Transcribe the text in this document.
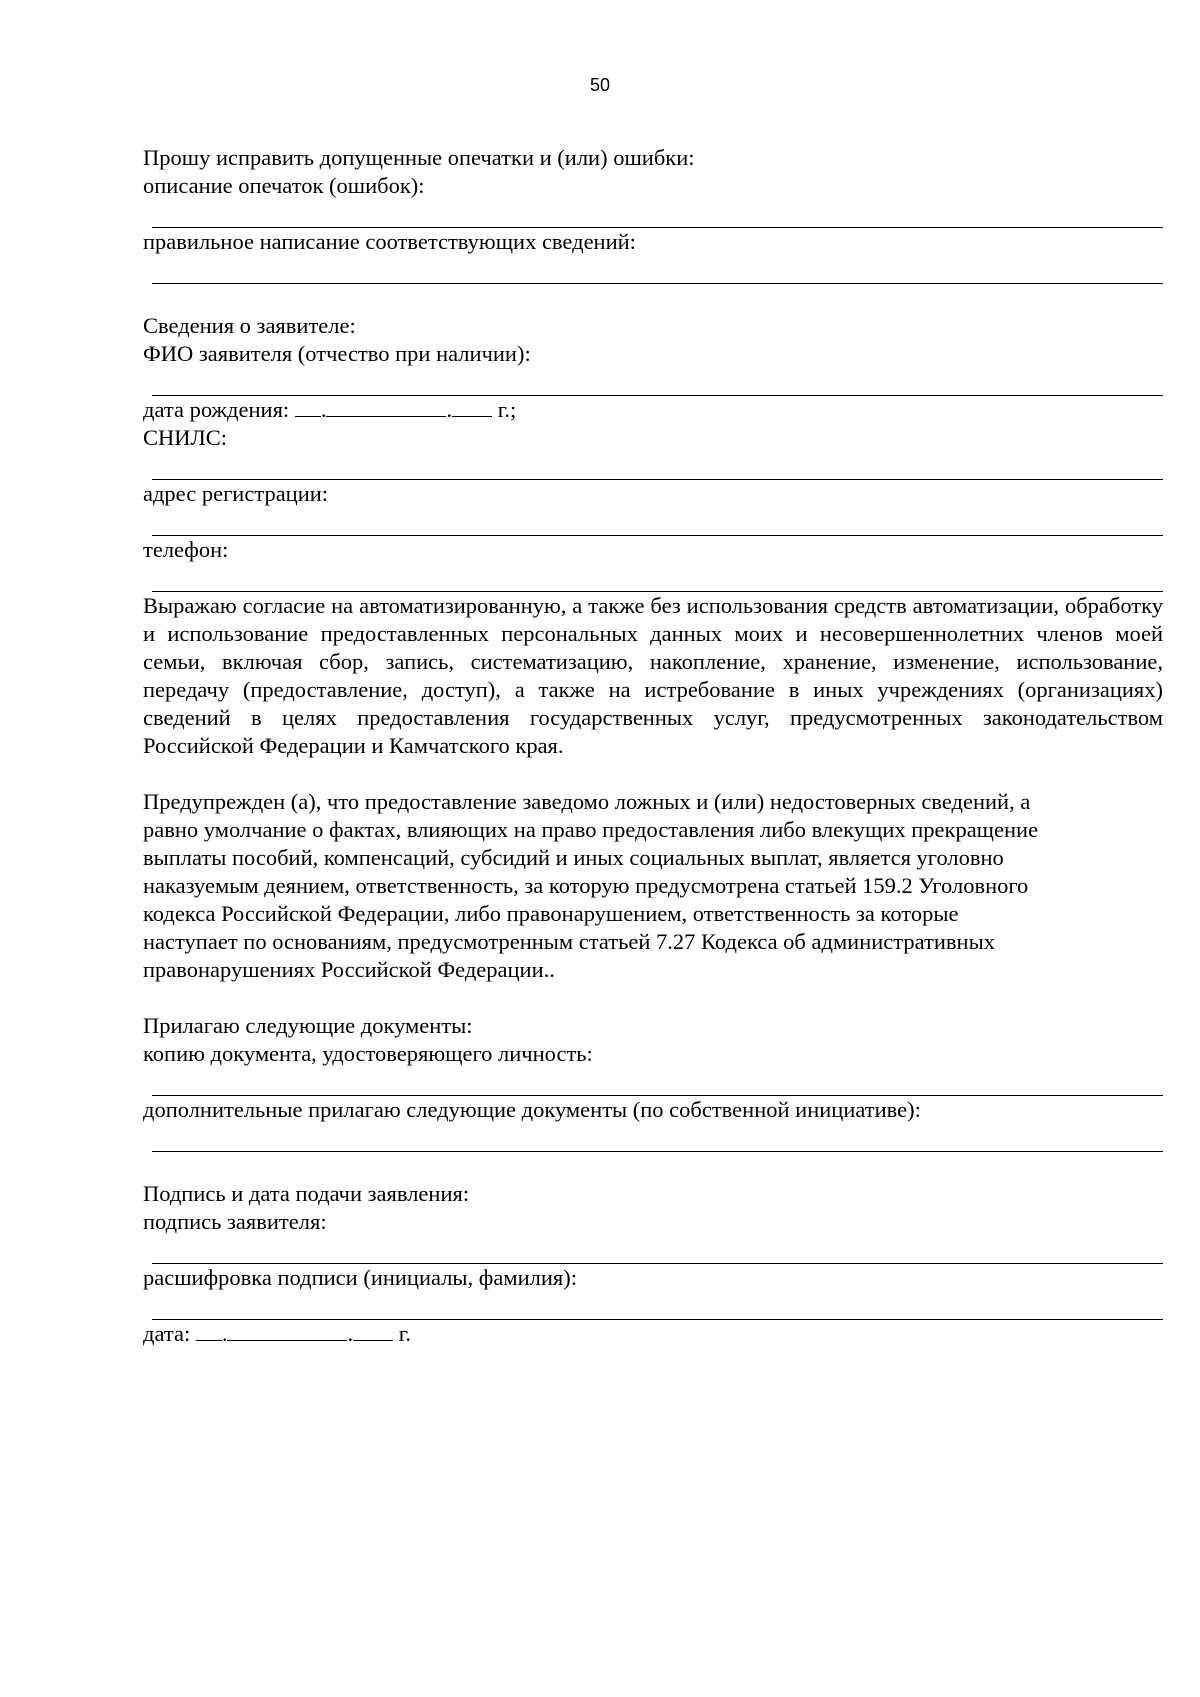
50

Прошу исправить допущенные опечатки и (или) ошибки:

описание опечаток (ошибок):

правильное написание соответствующих сведений:

Сведения о заявителе:

ФИО заявителя (отчество при наличии):

дата рождения: .	. г.;

СНИЛС:

адрес регистрации:

телефон:

Выражаю согласие на автоматизированную, а также без использования средств автоматизации, обработку и использование предоставленных персональных данных моих и несовершеннолетних членов моей семьи, включая сбор, запись, систематизацию, накопление, хранение, изменение, использование, передачу (предоставление, доступ), а также на истребование в иных учреждениях (организациях) сведений в целях предоставления государственных услуг, предусмотренных законодательством Российской Федерации и Камчатского края.

Предупрежден (а), что предоставление заведомо ложных и (или) недостоверных сведений, а

равно умолчание о фактах, влияющих на право предоставления либо влекущих прекращение

выплаты пособий, компенсаций, субсидий и иных социальных выплат, является уголовно

наказуемым деянием, ответственность, за которую предусмотрена статьей 159.2 Уголовного

кодекса Российской Федерации, либо правонарушением, ответственность за которые

наступает по основаниям, предусмотренным статьей 7.27 Кодекса об административных

правонарушениях Российской Федерации..

Прилагаю следующие документы:

копию документа, удостоверяющего личность:

дополнительные прилагаю следующие документы (по собственной инициативе):

Подпись и дата подачи заявления:

подпись заявителя:

расшифровка подписи (инициалы, фамилия):

дата: .	. г.
